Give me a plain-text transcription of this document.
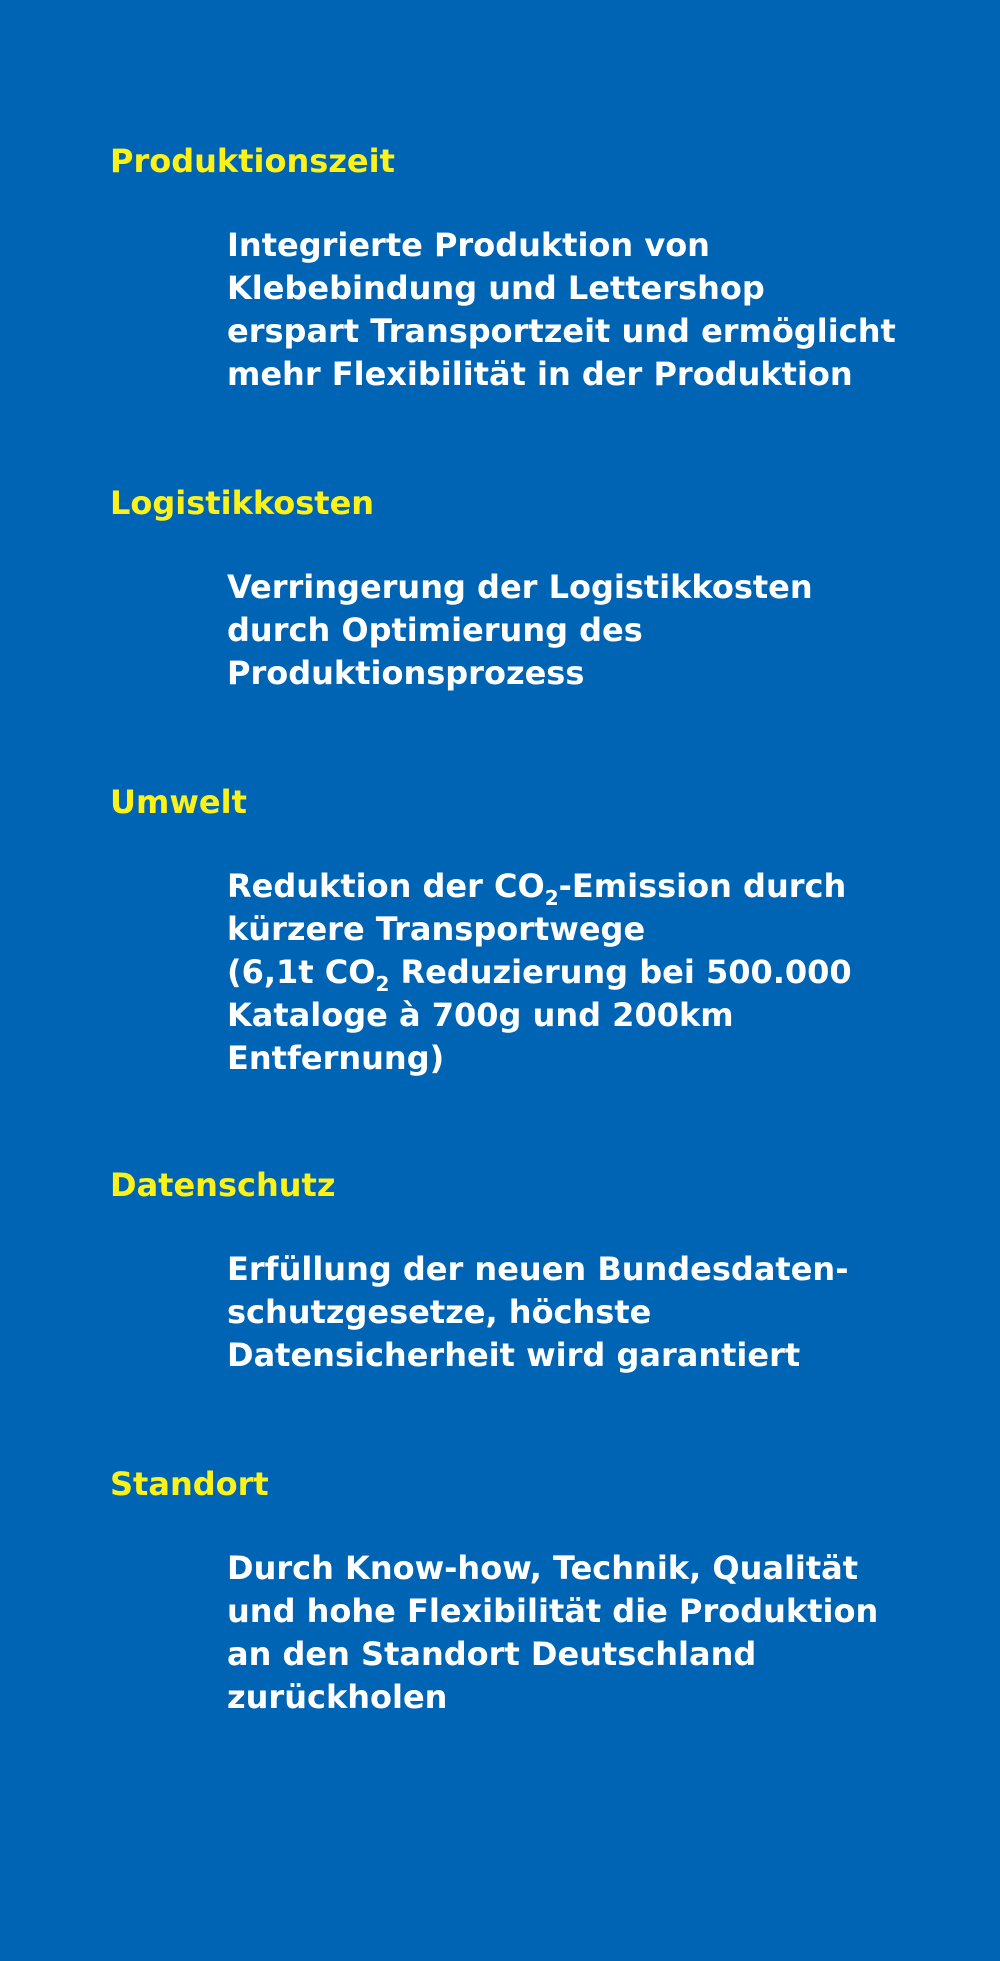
Produktionszeit
Integrierte Produktion von
Klebebindung und Lettershop
erspart Transportzeit und ermöglicht
mehr Flexibilität in der Produktion
Logistikkosten
Verringerung der Logistikkosten
durch Optimierung des
Produktionsprozess
Umwelt
Reduktion der $CO_2$-Emission durch
kürzere Transportwege
(6,1t $CO_2$ Reduzierung bei 500.000
Kataloge à 700g und 200km
Entfernung)
Datenschutz
Erfüllung der neuen Bundesdaten-
schutzgesetze, höchste
Datensicherheit wird garantiert
Standort
Durch Know-how, Technik, Qualität
und hohe Flexibilität die Produktion
an den Standort Deutschland
zurückholen
